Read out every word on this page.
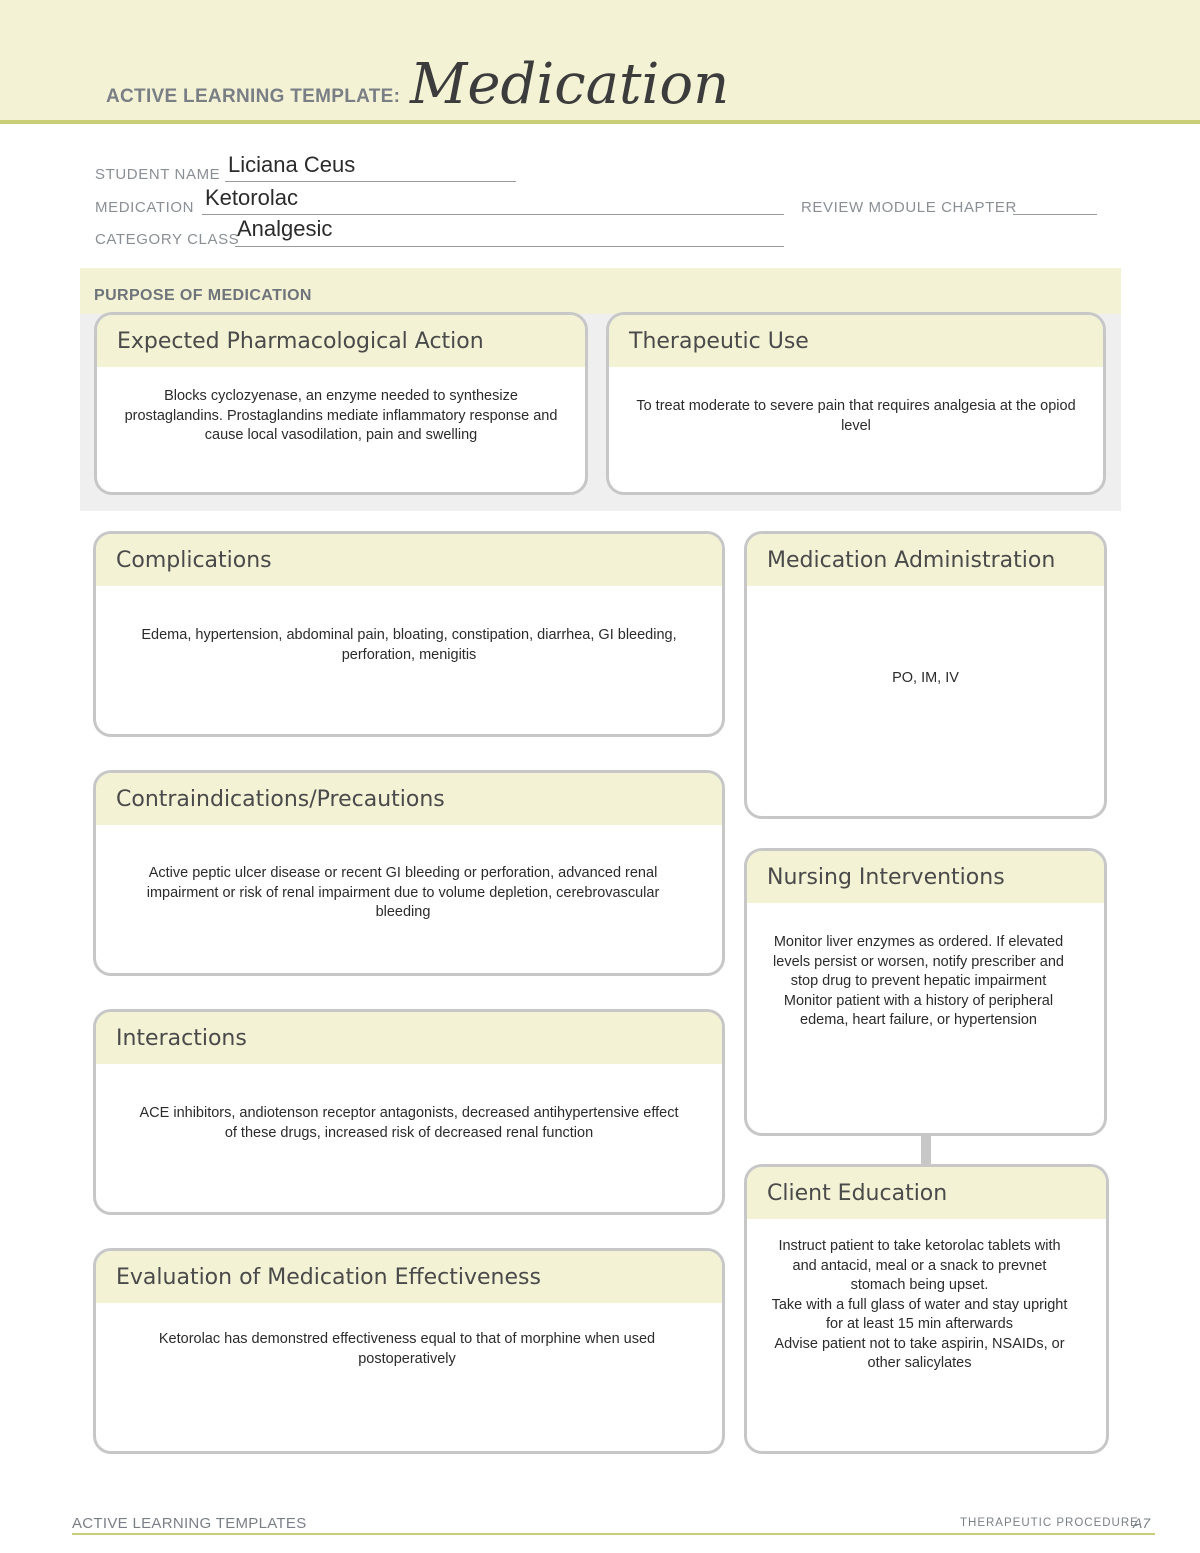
ACTIVE LEARNING TEMPLATE: Medication
STUDENT NAME Liciana Ceus
MEDICATION Ketorolac	REVIEW MODULE CHAPTER
CATEGORY CLASS
Analgesic
PURPOSE OF MEDICATION
Expected Pharmacological Action
Blocks cyclozyenase, an enzyme needed to synthesize prostaglandins. Prostaglandins mediate inflammatory response and cause local vasodilation, pain and swelling
Therapeutic Use
To treat moderate to severe pain that requires analgesia at the opiod level
Complications
Edema, hypertension, abdominal pain, bloating, constipation, diarrhea, GI bleeding, perforation, menigitis
Medication Administration
PO, IM, IV
Contraindications/Precautions
Active peptic ulcer disease or recent GI bleeding or perforation, advanced renal impairment or risk of renal impairment due to volume depletion, cerebrovascular bleeding
Nursing Interventions
Monitor liver enzymes as ordered. If elevated levels persist or worsen, notify prescriber and stop drug to prevent hepatic impairment
Monitor patient with a history of peripheral edema, heart failure, or hypertension
Interactions
ACE inhibitors, andiotenson receptor antagonists, decreased antihypertensive effect of these drugs, increased risk of decreased renal function
Client Education
Instruct patient to take ketorolac tablets with and antacid, meal or a snack to prevnet stomach being upset.
Take with a full glass of water and stay upright for at least 15 min afterwards
Advise patient not to take aspirin, NSAIDs, or other salicylates
Evaluation of Medication Effectiveness
Ketorolac has demonstred effectiveness equal to that of morphine when used postoperatively
ACTIVE LEARNING TEMPLATES	THERAPEUTIC PROCEDURE
A7
